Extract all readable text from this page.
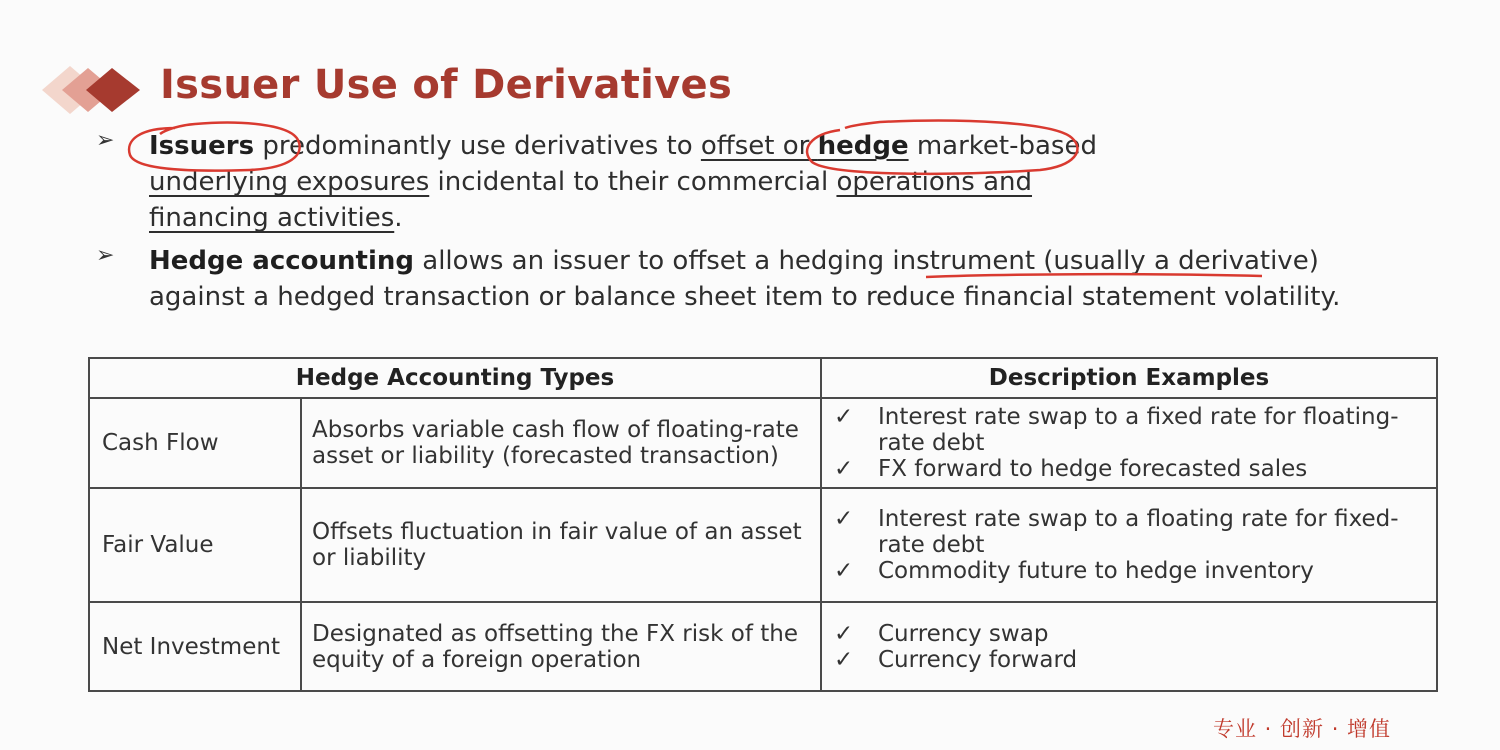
Issuer Use of Derivatives
➢ Issuers predominantly use derivatives to offset or hedge market-based
underlying exposures incidental to their commercial operations and
financing activities.
➢ Hedge accounting allows an issuer to offset a hedging instrument (usually a derivative) against a hedged transaction or balance sheet item to reduce financial statement volatility.
Hedge Accounting Types		Description Examples
Cash Flow	Absorbs variable cash flow of floating-rate asset or liability (forecasted transaction)	✓ Interest rate swap to a fixed rate for floating-rate debt
✓ FX forward to hedge forecasted sales

Fair Value	Offsets fluctuation in fair value of an asset or liability	✓ Interest rate swap to a floating rate for fixed-rate debt
✓ Commodity future to hedge inventory

Net Investment	Designated as offsetting the FX risk of the equity of a foreign operation	✓ Currency swap
✓ Currency forward
专业 · 创新 · 增值
